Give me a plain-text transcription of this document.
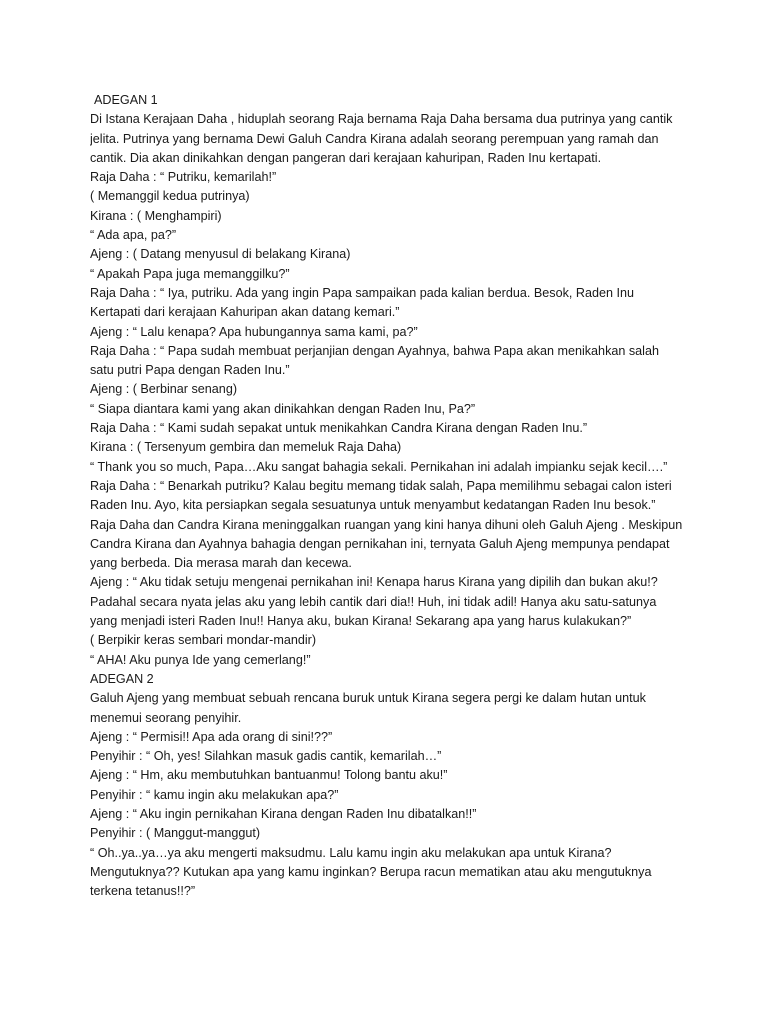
ADEGAN 1
Di Istana Kerajaan Daha , hiduplah seorang Raja bernama Raja Daha bersama dua putrinya yang cantik
jelita. Putrinya yang bernama Dewi Galuh Candra Kirana adalah seorang perempuan yang ramah dan
cantik. Dia akan dinikahkan dengan pangeran dari kerajaan kahuripan, Raden Inu kertapati.
Raja Daha : “ Putriku, kemarilah!”
( Memanggil kedua putrinya)
Kirana : ( Menghampiri)
“ Ada apa, pa?”
Ajeng : ( Datang menyusul di belakang Kirana)
“ Apakah Papa juga memanggilku?”
Raja Daha : “ Iya, putriku. Ada yang ingin Papa sampaikan pada kalian berdua. Besok, Raden Inu
Kertapati dari kerajaan Kahuripan akan datang kemari.”
Ajeng : “ Lalu kenapa? Apa hubungannya sama kami, pa?”
Raja Daha : “ Papa sudah membuat perjanjian dengan Ayahnya, bahwa Papa akan menikahkan salah
satu putri Papa dengan Raden Inu.”
Ajeng : ( Berbinar senang)
“ Siapa diantara kami yang akan dinikahkan dengan Raden Inu, Pa?”
Raja Daha : “ Kami sudah sepakat untuk menikahkan Candra Kirana dengan Raden Inu.”
Kirana : ( Tersenyum gembira dan memeluk Raja Daha)
“ Thank you so much, Papa…Aku sangat bahagia sekali. Pernikahan ini adalah impianku sejak kecil….”
Raja Daha : “ Benarkah putriku? Kalau begitu memang tidak salah, Papa memilihmu sebagai calon isteri
Raden Inu. Ayo, kita persiapkan segala sesuatunya untuk menyambut kedatangan Raden Inu besok.”
Raja Daha dan Candra Kirana meninggalkan ruangan yang kini hanya dihuni oleh Galuh Ajeng . Meskipun
Candra Kirana dan Ayahnya bahagia dengan pernikahan ini, ternyata Galuh Ajeng mempunya pendapat
yang berbeda. Dia merasa marah dan kecewa.
Ajeng : “ Aku tidak setuju mengenai pernikahan ini! Kenapa harus Kirana yang dipilih dan bukan aku!?
Padahal secara nyata jelas aku yang lebih cantik dari dia!! Huh, ini tidak adil! Hanya aku satu-satunya
yang menjadi isteri Raden Inu!! Hanya aku, bukan Kirana! Sekarang apa yang harus kulakukan?”
( Berpikir keras sembari mondar-mandir)
“ AHA! Aku punya Ide yang cemerlang!”
ADEGAN 2
Galuh Ajeng yang membuat sebuah rencana buruk untuk Kirana segera pergi ke dalam hutan untuk
menemui seorang penyihir.
Ajeng : “ Permisi!! Apa ada orang di sini!??”
Penyihir : “ Oh, yes! Silahkan masuk gadis cantik, kemarilah…”
Ajeng : “ Hm, aku membutuhkan bantuanmu! Tolong bantu aku!”
Penyihir : “ kamu ingin aku melakukan apa?”
Ajeng : “ Aku ingin pernikahan Kirana dengan Raden Inu dibatalkan!!”
Penyihir : ( Manggut-manggut)
“ Oh..ya..ya…ya aku mengerti maksudmu. Lalu kamu ingin aku melakukan apa untuk Kirana?
Mengutuknya?? Kutukan apa yang kamu inginkan? Berupa racun mematikan atau aku mengutuknya
terkena tetanus!!?”
